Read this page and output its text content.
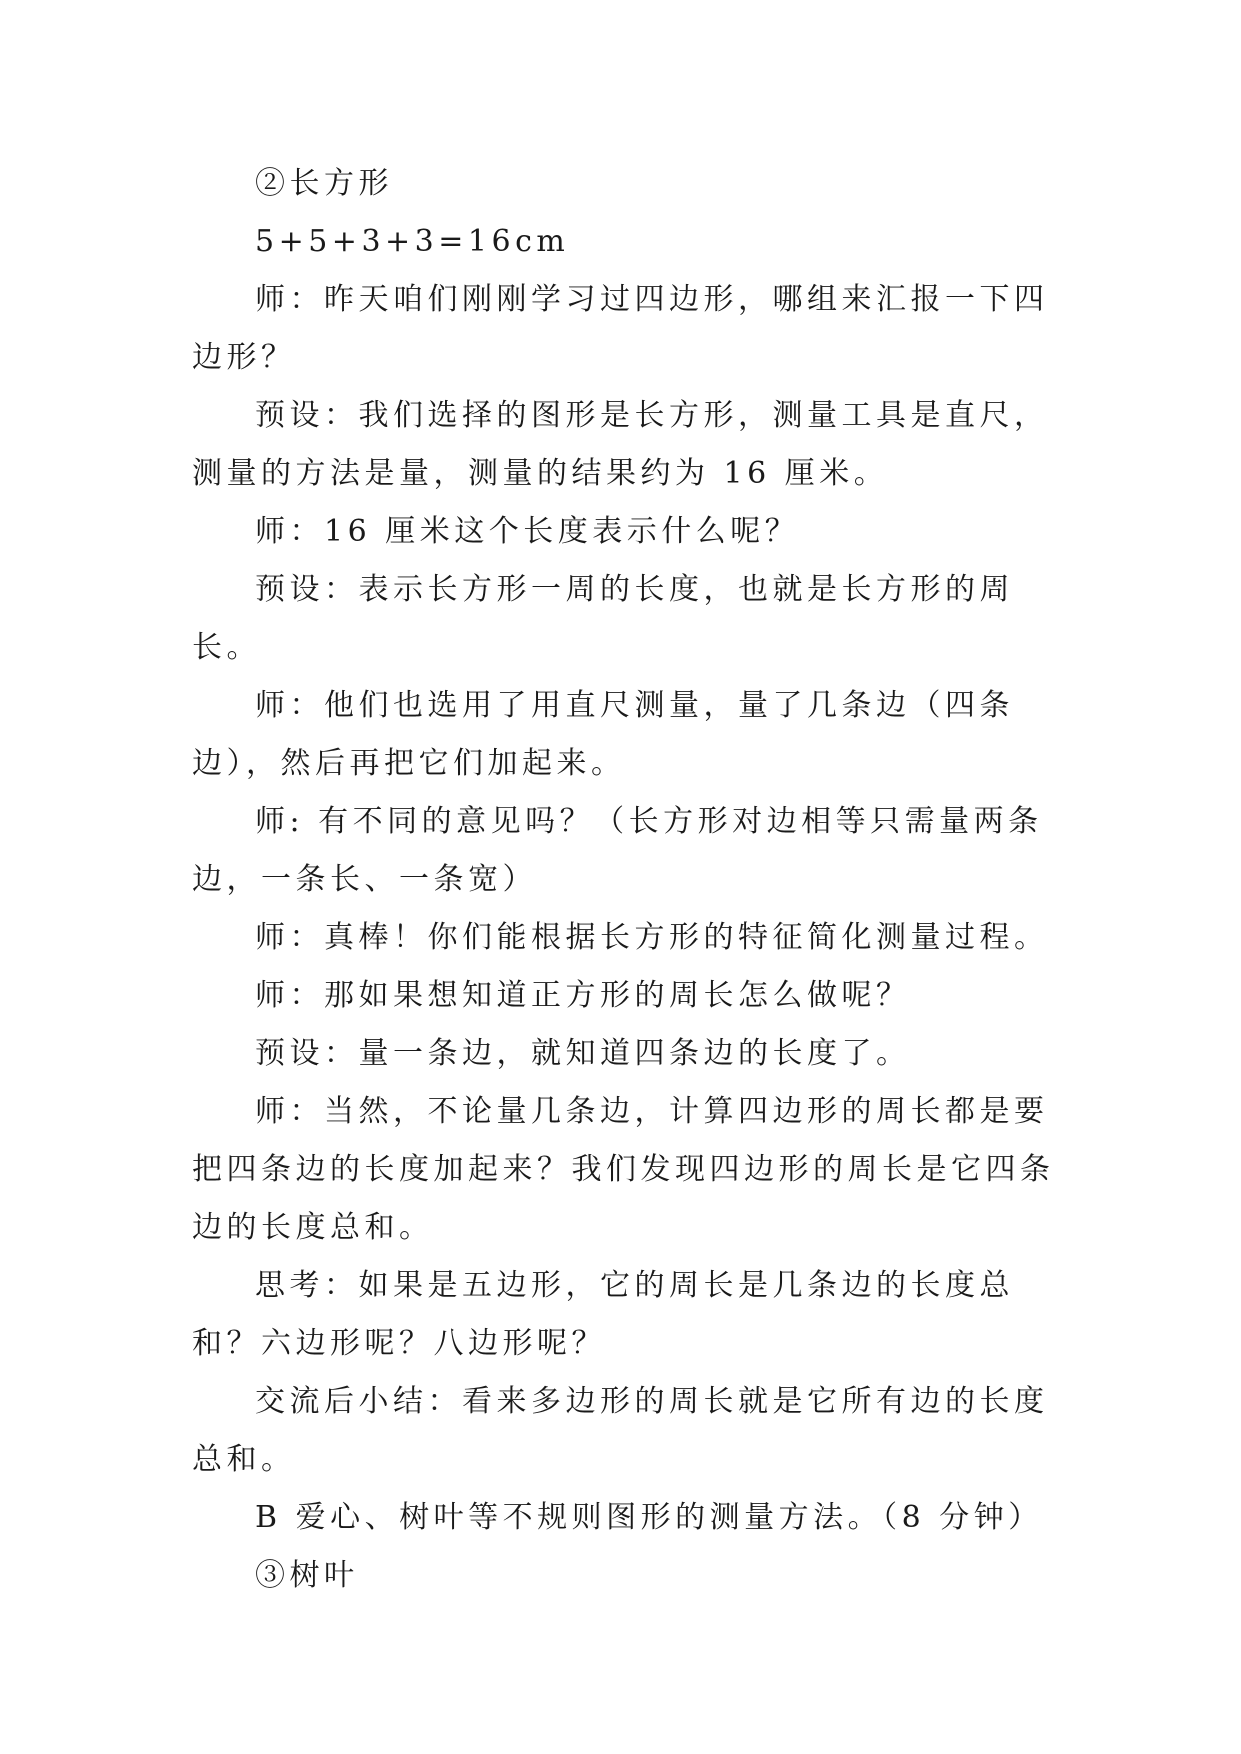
②长方形

5+5+3+3=16cm

师：昨天咱们刚刚学习过四边形，哪组来汇报一下四边形？

预设：我们选择的图形是长方形，测量工具是直尺，测量的方法是量，测量的结果约为 16 厘米。

师：16 厘米这个长度表示什么呢？

预设：表示长方形一周的长度，也就是长方形的周长。

师：他们也选用了用直尺测量，量了几条边（四条边），然后再把它们加起来。

师: 有不同的意见吗？（长方形对边相等只需量两条边，一条长、一条宽）

师：真棒！你们能根据长方形的特征简化测量过程。

师：那如果想知道正方形的周长怎么做呢？

预设：量一条边，就知道四条边的长度了。

师：当然，不论量几条边，计算四边形的周长都是要把四条边的长度加起来？我们发现四边形的周长是它四条边的长度总和。

思考：如果是五边形，它的周长是几条边的长度总和？六边形呢？八边形呢？

交流后小结：看来多边形的周长就是它所有边的长度总和。

B 爱心、树叶等不规则图形的测量方法。（8 分钟）

③树叶
